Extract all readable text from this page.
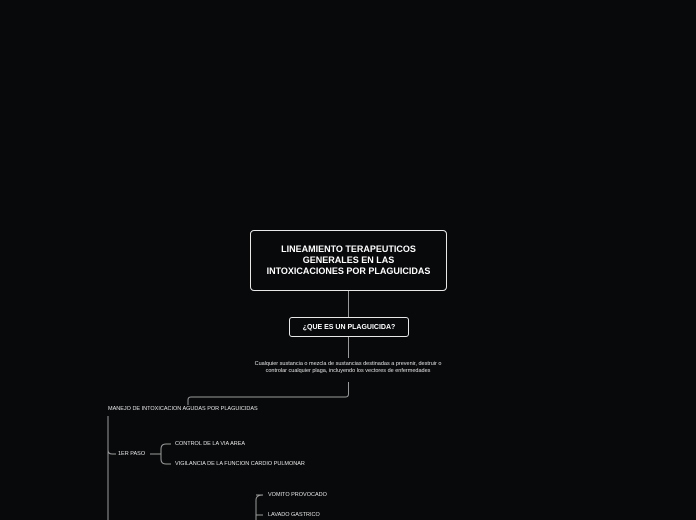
LINEAMIENTO TERAPEUTICOS GENERALES EN LAS INTOXICACIONES POR PLAGUICIDAS
¿QUE ES UN PLAGUICIDA?
Cualquier sustancia o mezcla de sustancias destinadas a prevenir, destruir o controlar cualquier plaga, incluyendo los vectores de enfermedades
MANEJO DE INTOXICACION AGUDAS POR PLAGUICIDAS
1ER PASO
CONTROL DE LA VIA AREA
VIGILANCIA DE LA FUNCION CARDIO PULMONAR
VOMITO PROVOCADO
LAVADO GASTRICO
